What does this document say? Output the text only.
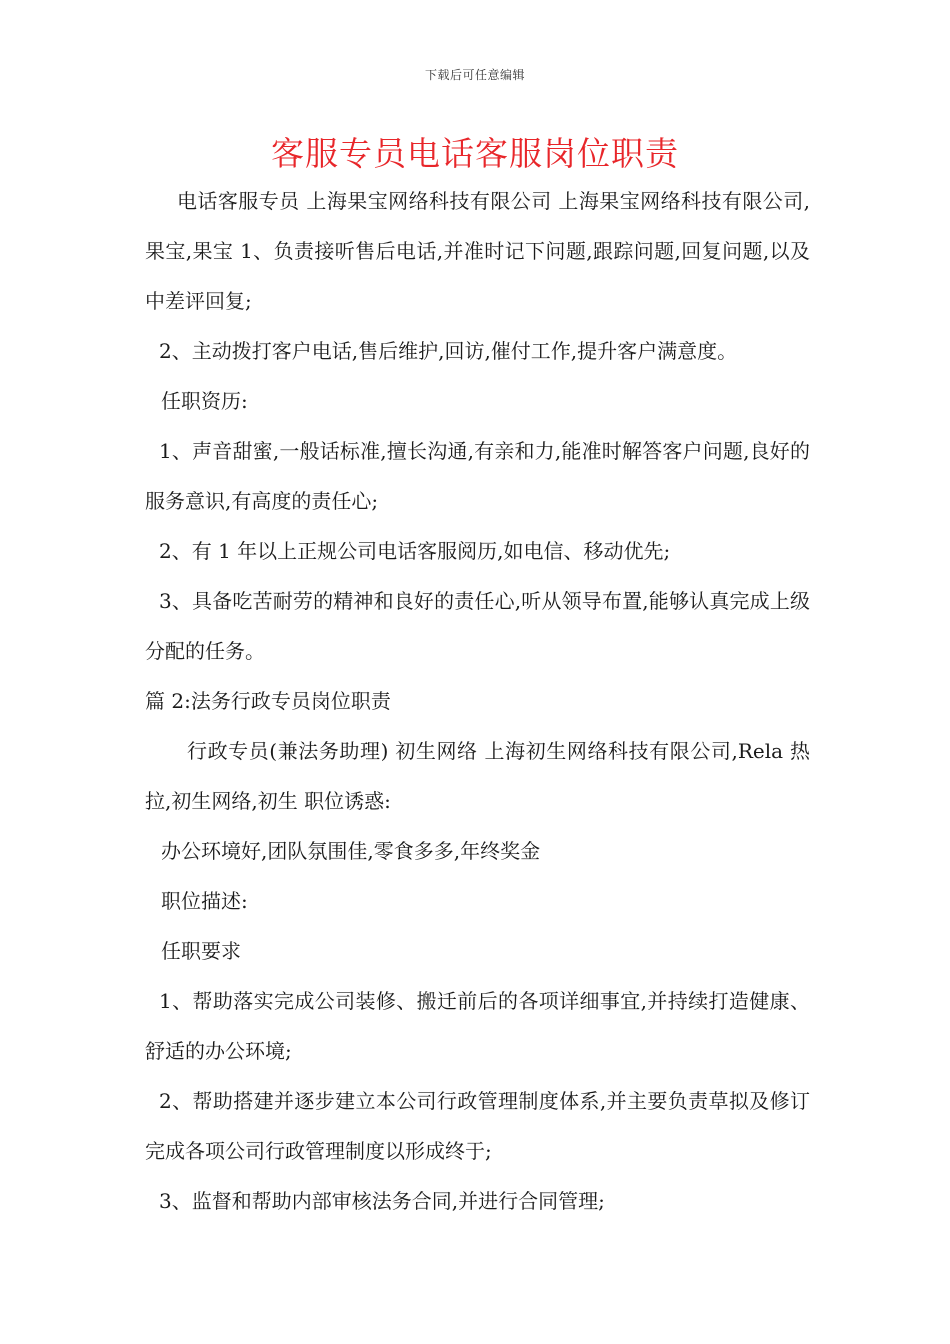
下载后可任意编辑
客服专员电话客服岗位职责

电话客服专员 上海果宝网络科技有限公司 上海果宝网络科技有限公司,果宝,果宝 1、负责接听售后电话,并准时记下问题,跟踪问题,回复问题,以及中差评回复;

2、主动拨打客户电话,售后维护,回访,催付工作,提升客户满意度。

任职资历:

1、声音甜蜜,一般话标准,擅长沟通,有亲和力,能准时解答客户问题,良好的服务意识,有高度的责任心;

2、有 1 年以上正规公司电话客服阅历,如电信、移动优先;

3、具备吃苦耐劳的精神和良好的责任心,听从领导布置,能够认真完成上级分配的任务。

篇 2:法务行政专员岗位职责

行政专员(兼法务助理) 初生网络 上海初生网络科技有限公司,Rela 热拉,初生网络,初生 职位诱惑:

办公环境好,团队氛围佳,零食多多,年终奖金

职位描述:

任职要求

1、帮助落实完成公司装修、搬迁前后的各项详细事宜,并持续打造健康、舒适的办公环境;

2、帮助搭建并逐步建立本公司行政管理制度体系,并主要负责草拟及修订完成各项公司行政管理制度以形成终于;

3、监督和帮助内部审核法务合同,并进行合同管理;
